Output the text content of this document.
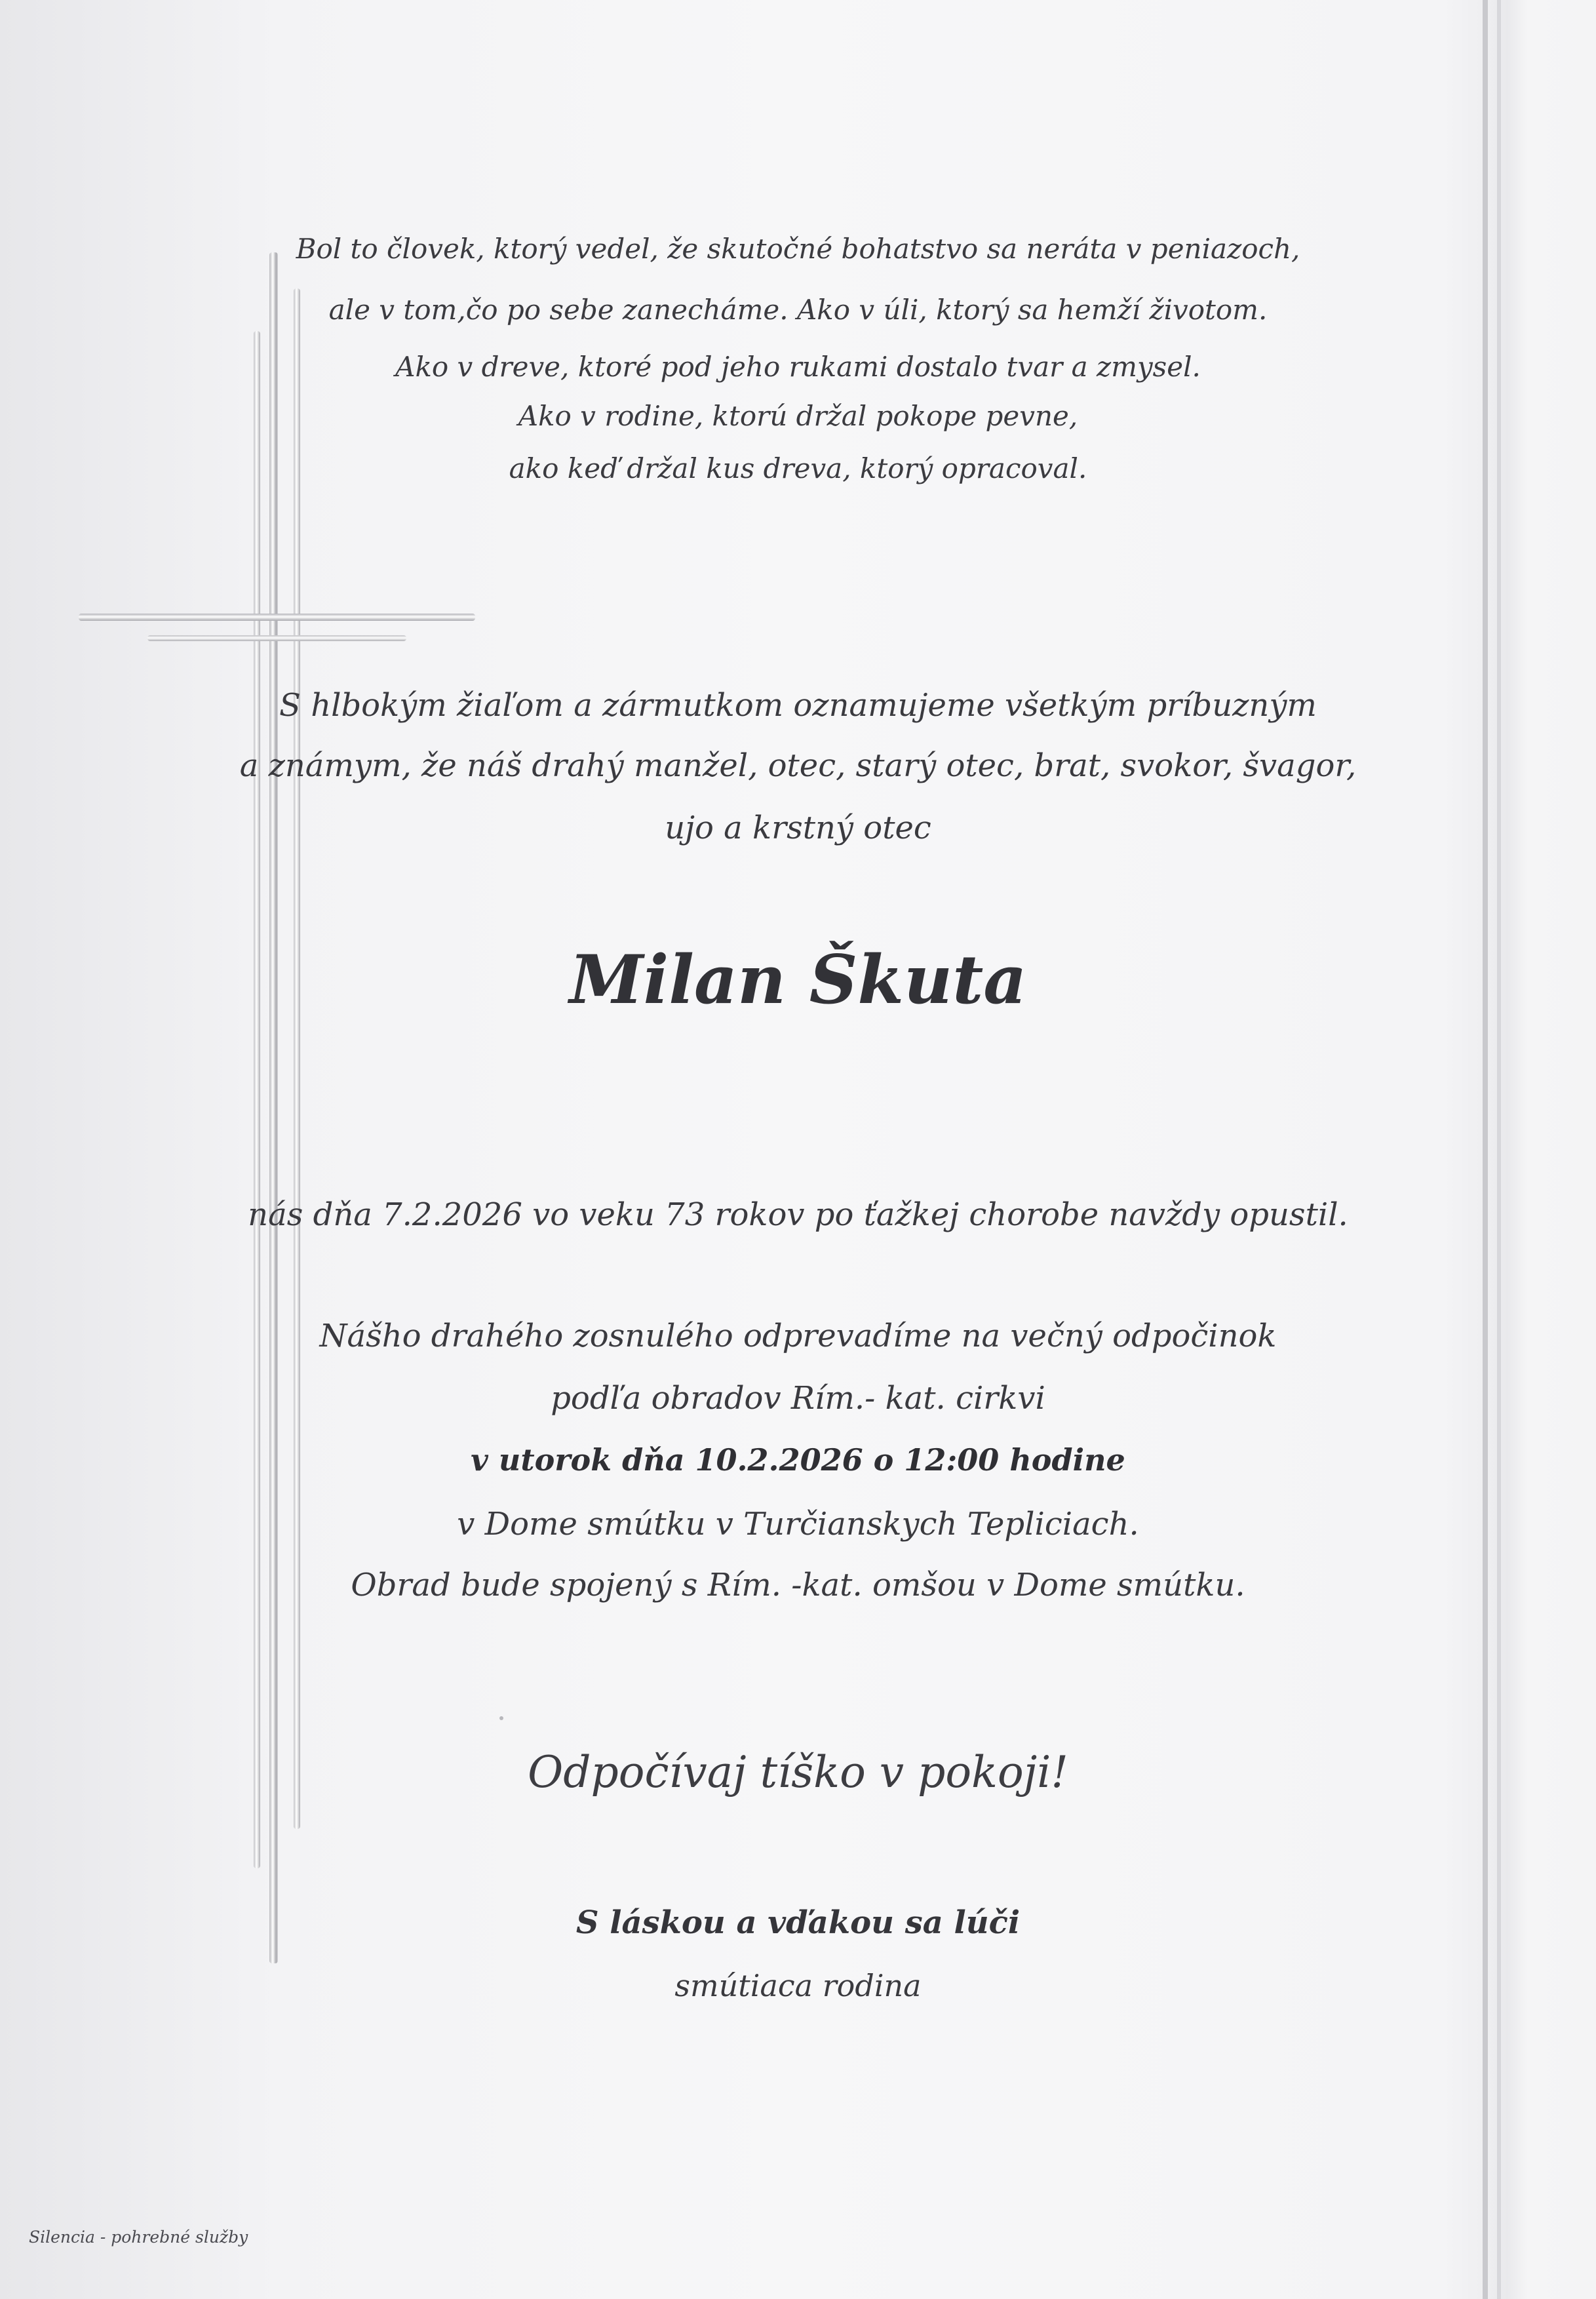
Bol to človek, ktorý vedel, že skutočné bohatstvo sa neráta v peniazoch,
ale v tom,čo po sebe zanecháme. Ako v úli, ktorý sa hemží životom.
Ako v dreve, ktoré pod jeho rukami dostalo tvar a zmysel.
Ako v rodine, ktorú držal pokope pevne,
ako keď držal kus dreva, ktorý opracoval.
S hlbokým žiaľom a zármutkom oznamujeme všetkým príbuzným
a známym, že náš drahý manžel, otec, starý otec, brat, svokor, švagor,
ujo a krstný otec
Milan Škuta
nás dňa 7.2.2026 vo veku 73 rokov po ťažkej chorobe navždy opustil.
Nášho drahého zosnulého odprevadíme na večný odpočinok
podľa obradov Rím.- kat. cirkvi
v utorok dňa 10.2.2026 o 12:00 hodine
v Dome smútku v Turčianskych Tepliciach.
Obrad bude spojený s Rím. -kat. omšou v Dome smútku.
Odpočívaj tíško v pokoji!
S láskou a vďakou sa lúči
smútiaca rodina
Silencia - pohrebné služby
